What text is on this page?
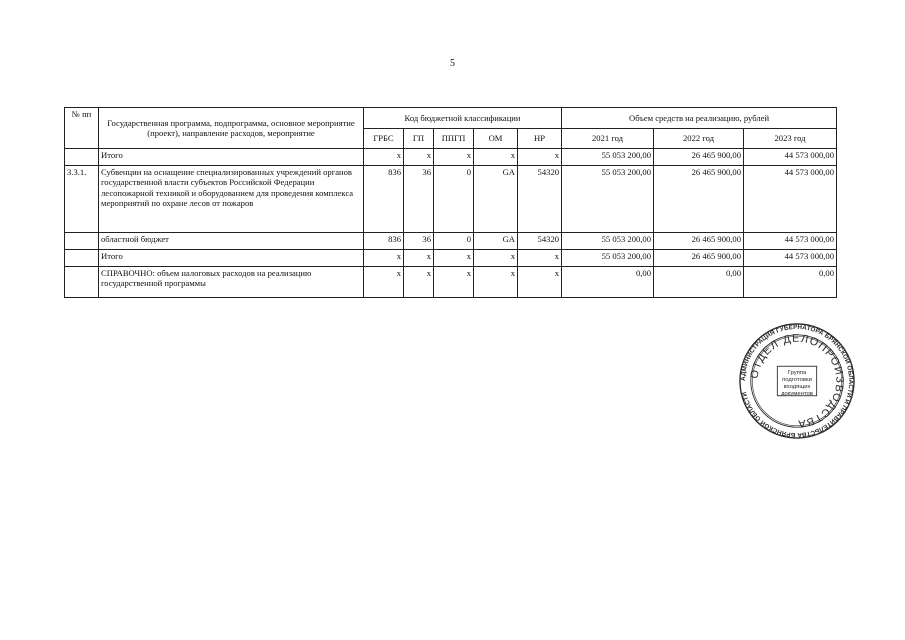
5
№ пп	Государственная программа, подпрограмма, основное мероприятие (проект), направление расходов, мероприятие	Код бюджетной классификации					Объем средств на реализацию, рублей		
		ГРБС	ГП	ППГП	ОМ	НР	2021 год	2022 год	2023 год
	Итого	x	x	x	x	x	55 053 200,00	26 465 900,00	44 573 000,00
3.3.1.	Субвенции на оснащение специализированных учреждений органов государственной власти субъектов Российской Федерации лесопожарной техникой и оборудованием для проведения комплекса мероприятий по охране лесов от пожаров	836	36	0	GA	54320	55 053 200,00	26 465 900,00	44 573 000,00
	областной бюджет	836	36	0	GA	54320	55 053 200,00	26 465 900,00	44 573 000,00
	Итого	x	x	x	x	x	55 053 200,00	26 465 900,00	44 573 000,00
	СПРАВОЧНО: объем налоговых расходов на реализацию государственной программы	x	x	x	x	x	0,00	0,00	0,00
АДМИНИСТРАЦИЯ ГУБЕРНАТОРА БРЯНСКОЙ ОБЛАСТИ И ПРАВИТЕЛЬСТВА БРЯНСКОЙ ОБЛАСТИ
ОТДЕЛ ДЕЛОПРОИЗВОДСТВА
Группа
подготовки
входящих
документов
